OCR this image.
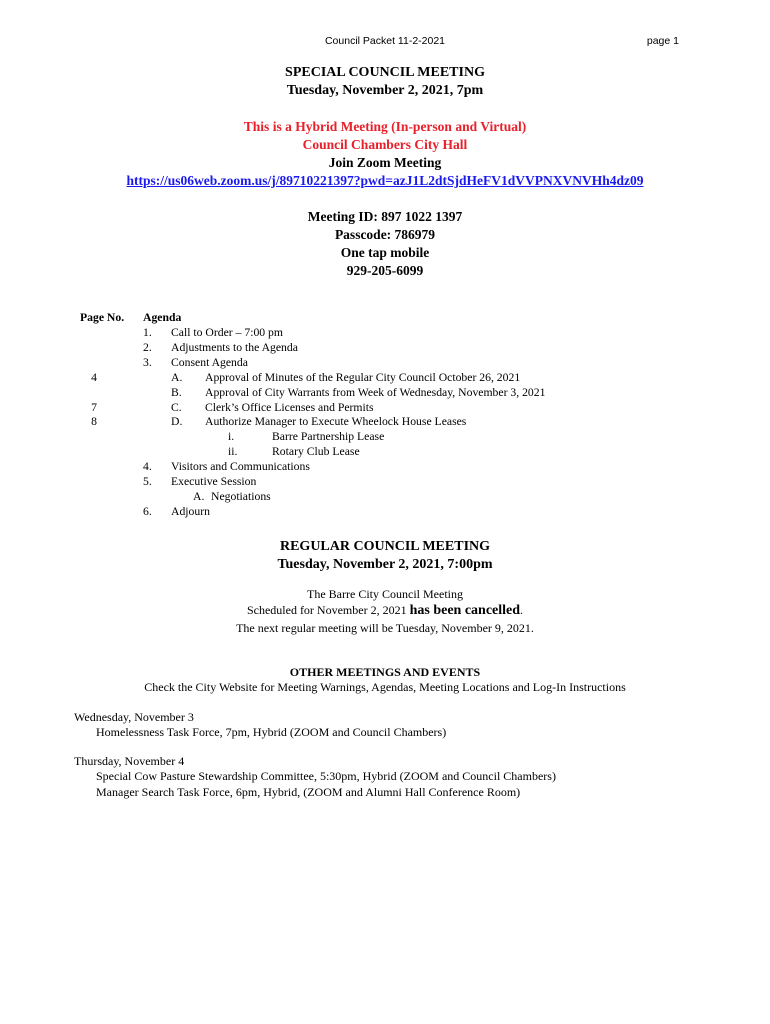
Council Packet 11-2-2021	page 1
SPECIAL COUNCIL MEETING
Tuesday, November 2, 2021, 7pm
This is a Hybrid Meeting (In-person and Virtual)
Council Chambers City Hall
Join Zoom Meeting
https://us06web.zoom.us/j/89710221397?pwd=azJ1L2dtSjdHeFV1dVVPNXVNVHh4dz09
Meeting ID: 897 1022 1397
Passcode: 786979
One tap mobile
929-205-6099
Page No. Agenda
1. Call to Order – 7:00 pm
2. Adjustments to the Agenda
3. Consent Agenda
4	A. Approval of Minutes of the Regular City Council October 26, 2021
B. Approval of City Warrants from Week of Wednesday, November 3, 2021
7	C. Clerk’s Office Licenses and Permits
8	D. Authorize Manager to Execute Wheelock House Leases
i.	Barre Partnership Lease
ii.	Rotary Club Lease
4. Visitors and Communications
5. Executive Session
A. Negotiations
6. Adjourn
REGULAR COUNCIL MEETING
Tuesday, November 2, 2021, 7:00pm
The Barre City Council Meeting
Scheduled for November 2, 2021 has been cancelled.
The next regular meeting will be Tuesday, November 9, 2021.
OTHER MEETINGS AND EVENTS
Check the City Website for Meeting Warnings, Agendas, Meeting Locations and Log-In Instructions
Wednesday, November 3
Homelessness Task Force, 7pm, Hybrid (ZOOM and Council Chambers)
Thursday, November 4
Special Cow Pasture Stewardship Committee, 5:30pm, Hybrid (ZOOM and Council Chambers)
Manager Search Task Force, 6pm, Hybrid, (ZOOM and Alumni Hall Conference Room)
